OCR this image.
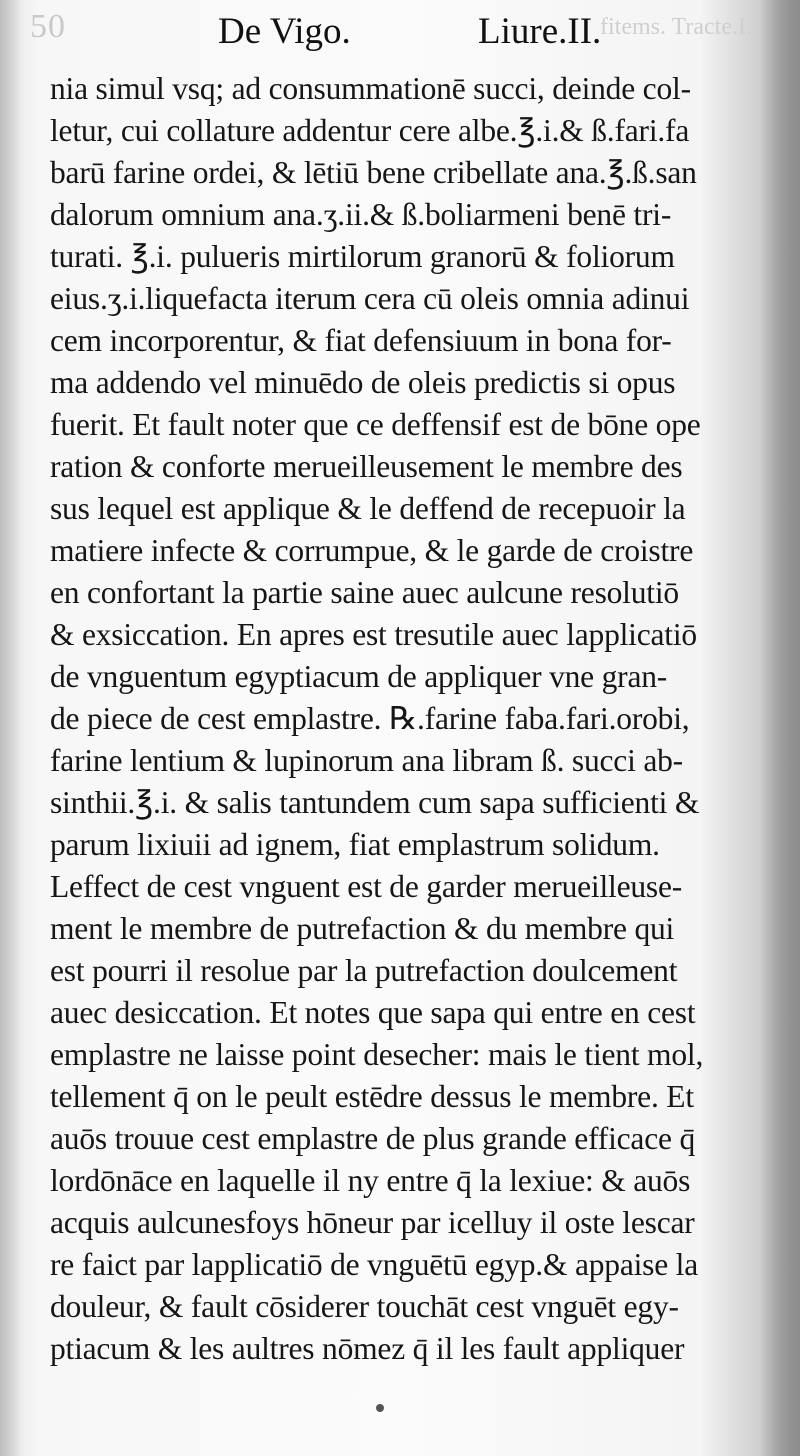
50	De Vigo.	Liure.II.
fitems. Tracte.I.
nia simul vsq; ad consummationē succi, deinde col-
letur, cui collature addentur cere albe.℥.i.& ß.fari.fa
barū farine ordei, & lētiū bene cribellate ana.℥.ß.san
dalorum omnium ana.ʒ.ii.& ß.boliarmeni benē tri-
turati. ℥.i. pulueris mirtilorum granorū & foliorum
eius.ʒ.i.liquefacta iterum cera cū oleis omnia adinui
cem incorporentur, & fiat defensiuum in bona for-
ma addendo vel minuēdo de oleis predictis si opus
fuerit. Et fault noter que ce deffensif est de bōne ope
ration & conforte merueilleusement le membre des
sus lequel est applique & le deffend de recepuoir la
matiere infecte & corrumpue, & le garde de croistre
en confortant la partie saine auec aulcune resolutiō
& exsiccation. En apres est tresutile auec lapplicatiō
de vnguentum egyptiacum de appliquer vne gran-
de piece de cest emplastre. ℞.farine faba.fari.orobi,
farine lentium & lupinorum ana libram ß. succi ab-
sinthii.℥.i. & salis tantundem cum sapa sufficienti &
parum lixiuii ad ignem, fiat emplastrum solidum.
Leffect de cest vnguent est de garder merueilleuse-
ment le membre de putrefaction & du membre qui
est pourri il resolue par la putrefaction doulcement
auec desiccation. Et notes que sapa qui entre en cest
emplastre ne laisse point desecher: mais le tient mol,
tellement q̄ on le peult estēdre dessus le membre. Et
auōs trouue cest emplastre de plus grande efficace q̄
lordōnāce en laquelle il ny entre q̄ la lexiue: & auōs
acquis aulcunesfoys hōneur par icelluy il oste lescar
re faict par lapplicatiō de vnguētū egyp.& appaise la
douleur, & fault cōsiderer touchāt cest vnguēt egy-
ptiacum & les aultres nōmez q̄ il les fault appliquer
